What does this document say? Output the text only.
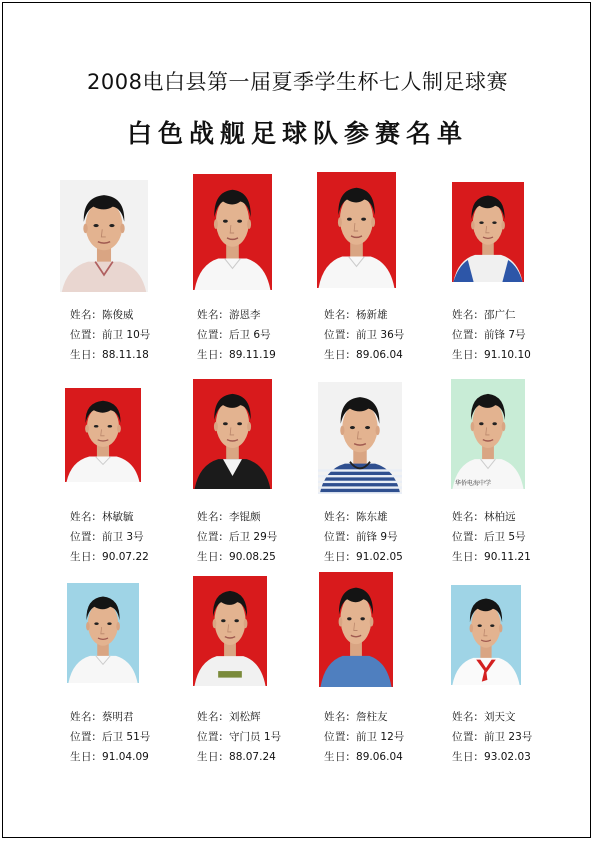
2008电白县第一届夏季学生杯七人制足球赛
白色战舰足球队参赛名单
姓名: 陈俊威
位置: 前卫 10号
生日: 88.11.18
姓名: 游恩李
位置: 后卫 6号
生日: 89.11.19
姓名: 杨新雄
位置: 前卫 36号
生日: 89.06.04
姓名: 邵广仁
位置: 前锋 7号
生日: 91.10.10
姓名: 林敏毓
位置: 前卫 3号
生日: 90.07.22
姓名: 李锟颇
位置: 后卫 29号
生日: 90.08.25
姓名: 陈东雄
位置: 前锋 9号
生日: 91.02.05
华侨电海中学
姓名: 林柏远
位置: 后卫 5号
生日: 90.11.21
姓名: 蔡明君
位置: 后卫 51号
生日: 91.04.09
姓名: 刘松辉
位置: 守门员 1号
生日: 88.07.24
姓名: 詹柱友
位置: 前卫 12号
生日: 89.06.04
姓名: 刘天文
位置: 前卫 23号
生日: 93.02.03
